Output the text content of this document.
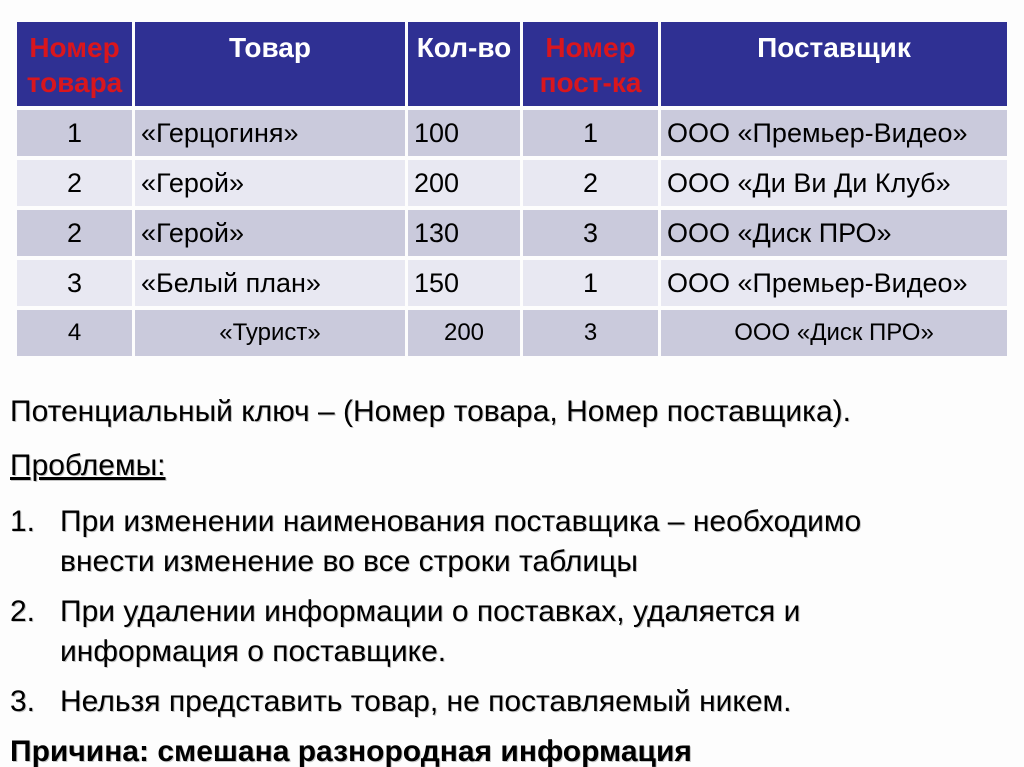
Номер товара	Товар	Кол-во	Номер пост-ка	Поставщик
1	«Герцогиня»	100	1	ООО «Премьер-Видео»
2	«Герой»	200	2	ООО «Ди Ви Ди Клуб»
2	«Герой»	130	3	ООО «Диск ПРО»
3	«Белый план»	150	1	ООО «Премьер-Видео»
4	«Турист»	200	3	ООО «Диск ПРО»

Потенциальный ключ – (Номер товара, Номер поставщика).

Проблемы:

1. При изменении наименования поставщика – необходимо внести изменение во все строки таблицы
2. При удалении информации о поставках, удаляется и информация о поставщике.
3. Нельзя представить товар, не поставляемый никем.

Причина: смешана разнородная информация
